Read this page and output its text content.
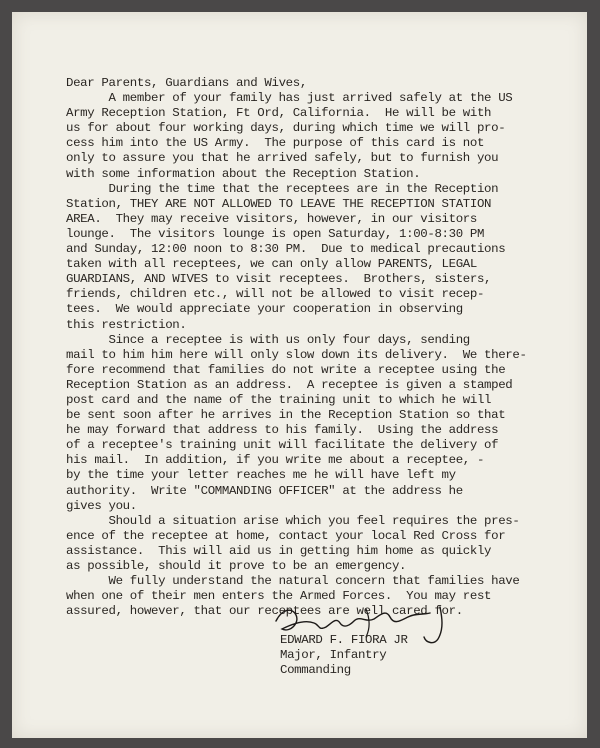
Dear Parents, Guardians and Wives,
A member of your family has just arrived safely at the US
Army Reception Station, Ft Ord, California.  He will be with
us for about four working days, during which time we will pro-
cess him into the US Army.  The purpose of this card is not
only to assure you that he arrived safely, but to furnish you
with some information about the Reception Station.
During the time that the receptees are in the Reception
Station, THEY ARE NOT ALLOWED TO LEAVE THE RECEPTION STATION
AREA.  They may receive visitors, however, in our visitors
lounge.  The visitors lounge is open Saturday, 1:00-8:30 PM
and Sunday, 12:00 noon to 8:30 PM.  Due to medical precautions
taken with all receptees, we can only allow PARENTS, LEGAL
GUARDIANS, AND WIVES to visit receptees.  Brothers, sisters,
friends, children etc., will not be allowed to visit recep-
tees.  We would appreciate your cooperation in observing
this restriction.
Since a receptee is with us only four days, sending
mail to him him here will only slow down its delivery.  We there-
fore recommend that families do not write a receptee using the
Reception Station as an address.  A receptee is given a stamped
post card and the name of the training unit to which he will
be sent soon after he arrives in the Reception Station so that
he may forward that address to his family.  Using the address
of a receptee's training unit will facilitate the delivery of
his mail.  In addition, if you write me about a receptee, -
by the time your letter reaches me he will have left my
authority.  Write "COMMANDING OFFICER" at the address he
gives you.
Should a situation arise which you feel requires the pres-
ence of the receptee at home, contact your local Red Cross for
assistance.  This will aid us in getting him home as quickly
as possible, should it prove to be an emergency.
We fully understand the natural concern that families have
when one of their men enters the Armed Forces.  You may rest
assured, however, that our receptees are well cared for.
EDWARD F. FIORA JR
Major, Infantry
Commanding
